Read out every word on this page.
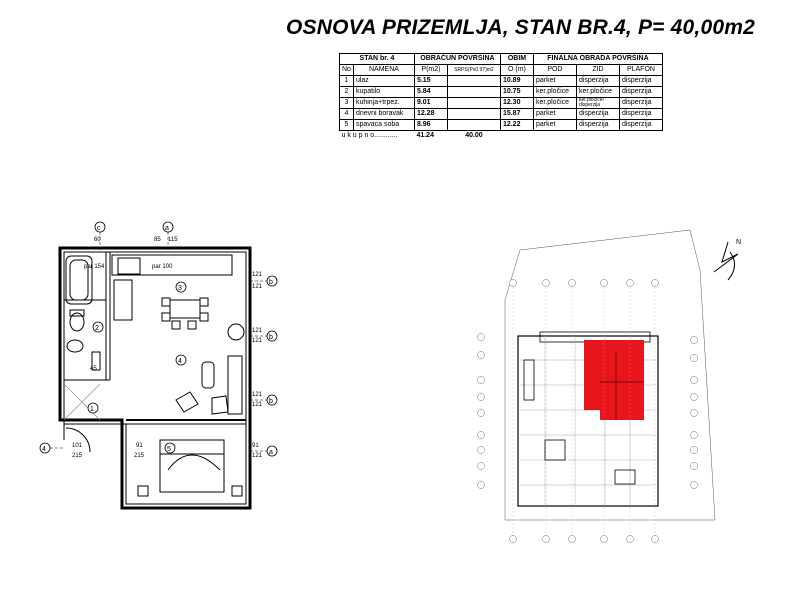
OSNOVA PRIZEMLJA, STAN BR.4, P= 40,00m2
STAN br. 4		OBRAČUN POVRŠINA		OBIM	FINALNA OBRADA POVRŠINA		
No	NAMENA	P(m2)	SRPS(Px0.97)m2	O (m)	POD	ZID	PLAFON
1	ulaz	5.15		10.89	parket	disperzija	disperzija
2	kupatilo	5.84		10.75	ker.pločice	ker.pločice	disperzija
3	kuhinja+trpez.	9.01		12.30	ker.pločice	ker.pločice/ disperzija	disperzija
4	dnevni boravak	12.28		15.87	parket	disperzija	disperzija
5	spavaca soba	8.96		12.22	parket	disperzija	disperzija
u k u p n o............		41.24	40.00				
c	a
b
b
b
a
4
3
2
4
1
5
par 154	par 100
121
121
121
121
121
121
91
121
91
215
101
215
60	85 115
45
N
